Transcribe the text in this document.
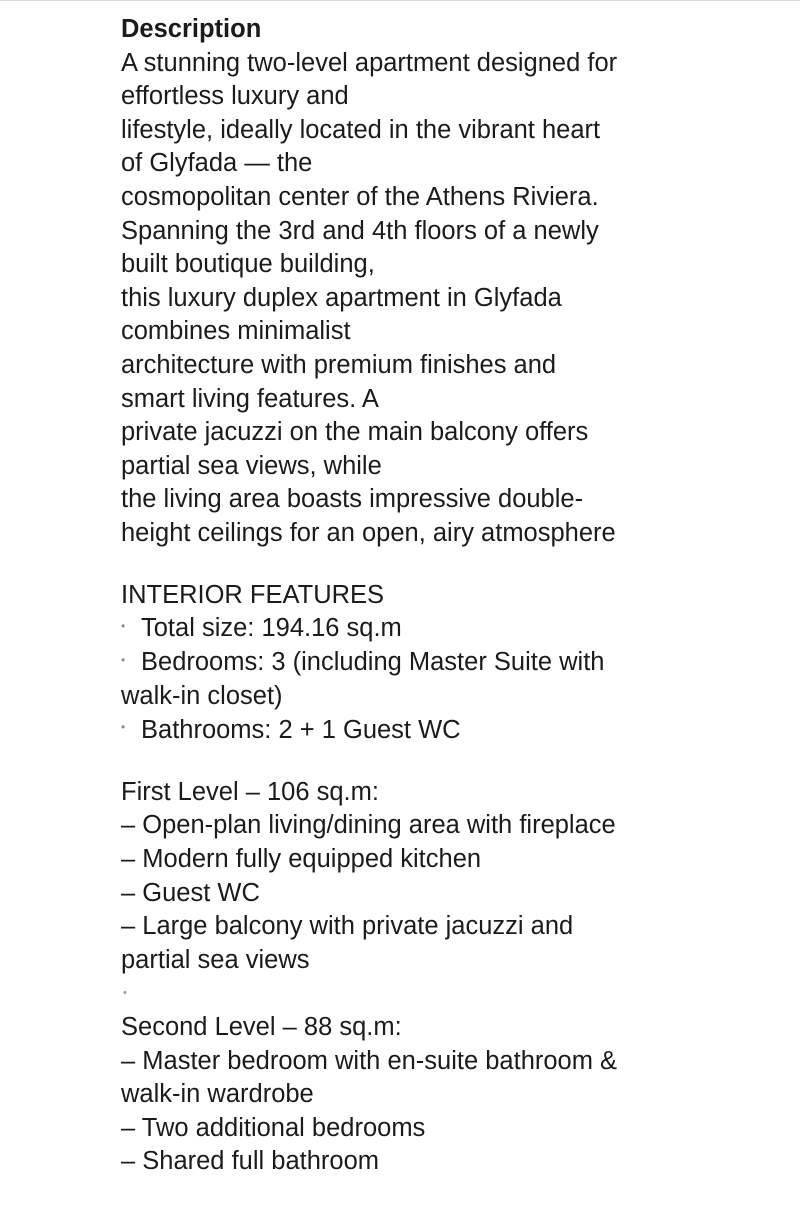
Description
A stunning two-level apartment designed for
effortless luxury and
lifestyle, ideally located in the vibrant heart
of Glyfada — the
cosmopolitan center of the Athens Riviera.
Spanning the 3rd and 4th floors of a newly
built boutique building,
this luxury duplex apartment in Glyfada
combines minimalist
architecture with premium finishes and
smart living features. A
private jacuzzi on the main balcony offers
partial sea views, while
the living area boasts impressive double-
height ceilings for an open, airy atmosphere
INTERIOR FEATURES
• Total size: 194.16 sq.m
• Bedrooms: 3 (including Master Suite with
walk-in closet)
• Bathrooms: 2 + 1 Guest WC
First Level – 106 sq.m:
– Open-plan living/dining area with fireplace
– Modern fully equipped kitchen
– Guest WC
– Large balcony with private jacuzzi and
partial sea views
•
Second Level – 88 sq.m:
– Master bedroom with en-suite bathroom &
walk-in wardrobe
– Two additional bedrooms
– Shared full bathroom
